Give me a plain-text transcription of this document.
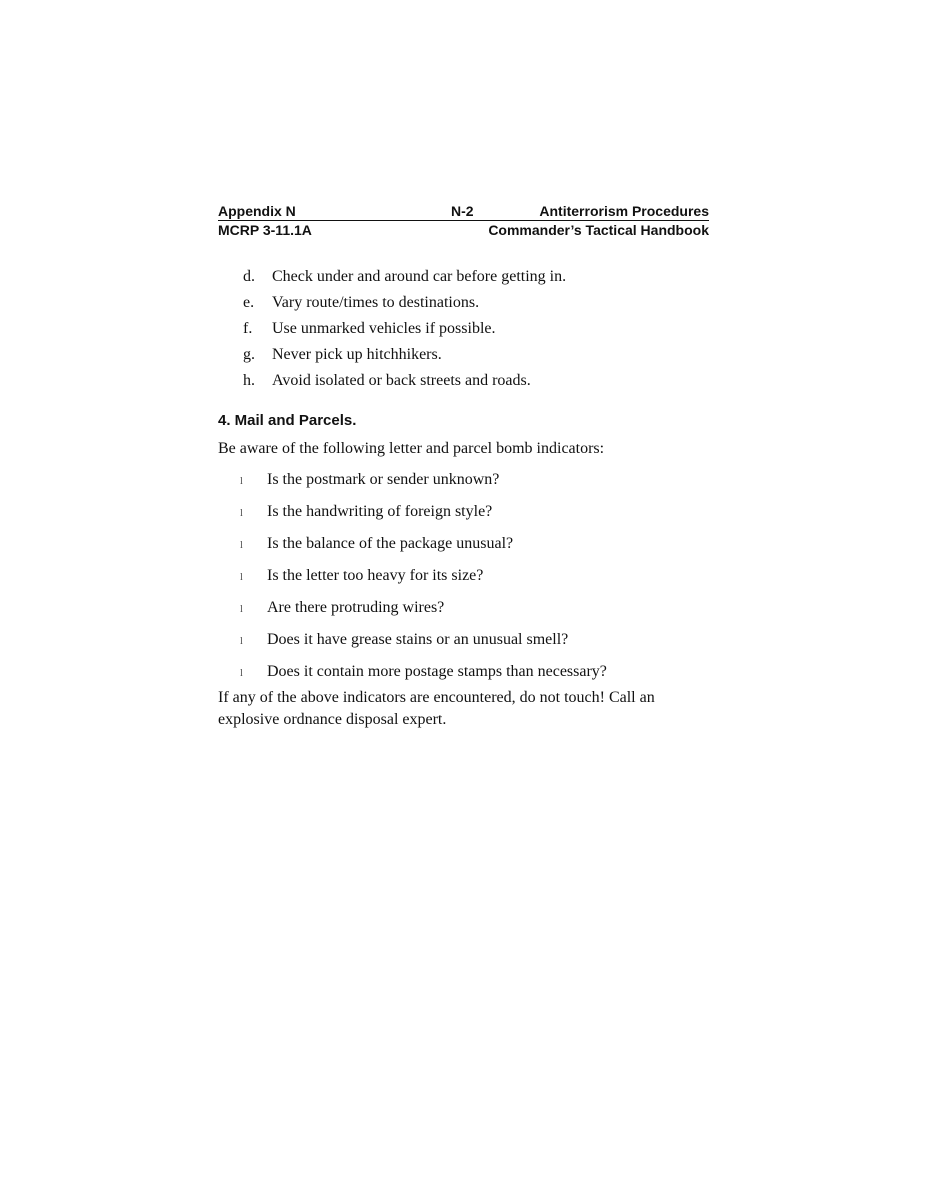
Appendix N	N-2	Antiterrorism Procedures
MCRP 3-11.1A	Commander’s Tactical Handbook
d. Check under and around car before getting in.
e. Vary route/times to destinations.
f. Use unmarked vehicles if possible.
g. Never pick up hitchhikers.
h. Avoid isolated or back streets and roads.
4. Mail and Parcels.
Be aware of the following letter and parcel bomb indicators:
l Is the postmark or sender unknown?
l Is the handwriting of foreign style?
l Is the balance of the package unusual?
l Is the letter too heavy for its size?
l Are there protruding wires?
l Does it have grease stains or an unusual smell?
l Does it contain more postage stamps than necessary?
If any of the above indicators are encountered, do not touch! Call an explosive ordnance disposal expert.
